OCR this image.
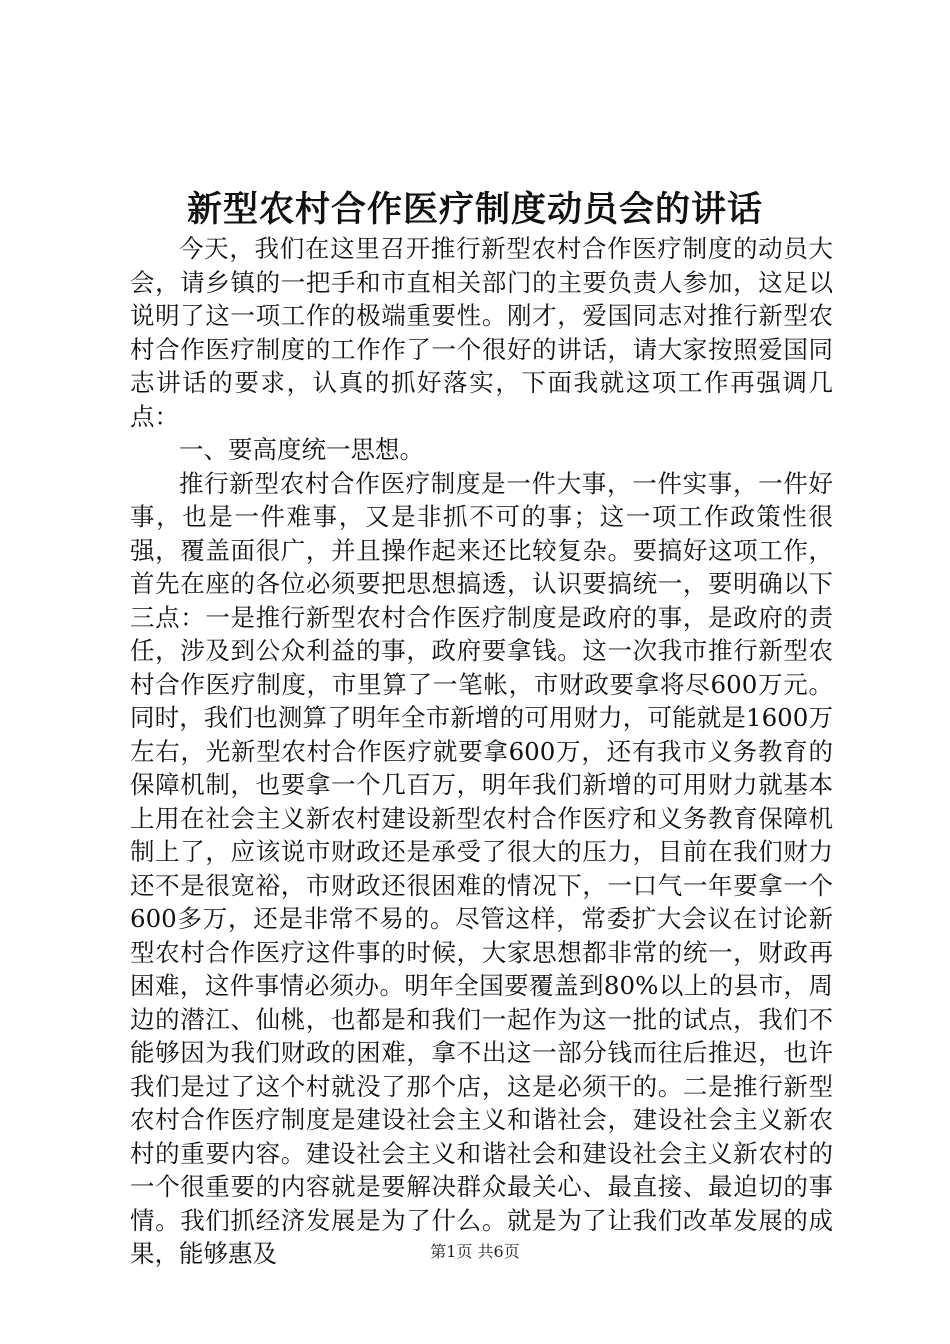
新型农村合作医疗制度动员会的讲话

今天，我们在这里召开推行新型农村合作医疗制度的动员大会，请乡镇的一把手和市直相关部门的主要负责人参加，这足以说明了这一项工作的极端重要性。刚才，爱国同志对推行新型农村合作医疗制度的工作作了一个很好的讲话，请大家按照爱国同志讲话的要求，认真的抓好落实，下面我就这项工作再强调几点：

一、要高度统一思想。

推行新型农村合作医疗制度是一件大事，一件实事，一件好事，也是一件难事，又是非抓不可的事；这一项工作政策性很强，覆盖面很广，并且操作起来还比较复杂。要搞好这项工作，首先在座的各位必须要把思想搞透，认识要搞统一，要明确以下三点：一是推行新型农村合作医疗制度是政府的事，是政府的责任，涉及到公众利益的事，政府要拿钱。这一次我市推行新型农村合作医疗制度，市里算了一笔帐，市财政要拿将尽600万元。同时，我们也测算了明年全市新增的可用财力，可能就是1600万左右，光新型农村合作医疗就要拿600万，还有我市义务教育的保障机制，也要拿一个几百万，明年我们新增的可用财力就基本上用在社会主义新农村建设新型农村合作医疗和义务教育保障机制上了，应该说市财政还是承受了很大的压力，目前在我们财力还不是很宽裕，市财政还很困难的情况下，一口气一年要拿一个600多万，还是非常不易的。尽管这样，常委扩大会议在讨论新型农村合作医疗这件事的时候，大家思想都非常的统一，财政再困难，这件事情必须办。明年全国要覆盖到80%以上的县市，周边的潜江、仙桃，也都是和我们一起作为这一批的试点，我们不能够因为我们财政的困难，拿不出这一部分钱而往后推迟，也许我们是过了这个村就没了那个店，这是必须干的。二是推行新型农村合作医疗制度是建设社会主义和谐社会，建设社会主义新农村的重要内容。建设社会主义和谐社会和建设社会主义新农村的一个很重要的内容就是要解决群众最关心、最直接、最迫切的事情。我们抓经济发展是为了什么。就是为了让我们改革发展的成果，能够惠及	第1页 共6页
